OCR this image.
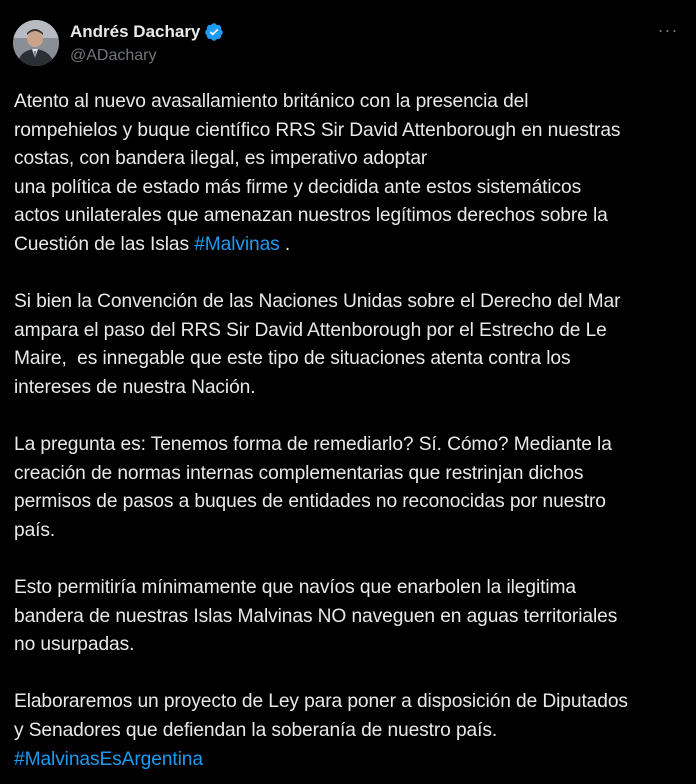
Andrés Dachary
@ADachary
···
Atento al nuevo avasallamiento británico con la presencia del
rompehielos y buque científico RRS Sir David Attenborough en nuestras
costas, con bandera ilegal, es imperativo adoptar
una política de estado más firme y decidida ante estos sistemáticos
actos unilaterales que amenazan nuestros legítimos derechos sobre la
Cuestión de las Islas #Malvinas .
Si bien la Convención de las Naciones Unidas sobre el Derecho del Mar
ampara el paso del RRS Sir David Attenborough por el Estrecho de Le
Maire,  es innegable que este tipo de situaciones atenta contra los
intereses de nuestra Nación.
La pregunta es: Tenemos forma de remediarlo? Sí. Cómo? Mediante la
creación de normas internas complementarias que restrinjan dichos
permisos de pasos a buques de entidades no reconocidas por nuestro
país.
Esto permitiría mínimamente que navíos que enarbolen la ilegitima
bandera de nuestras Islas Malvinas NO naveguen en aguas territoriales
no usurpadas.
Elaboraremos un proyecto de Ley para poner a disposición de Diputados
y Senadores que defiendan la soberanía de nuestro país.
#MalvinasEsArgentina
